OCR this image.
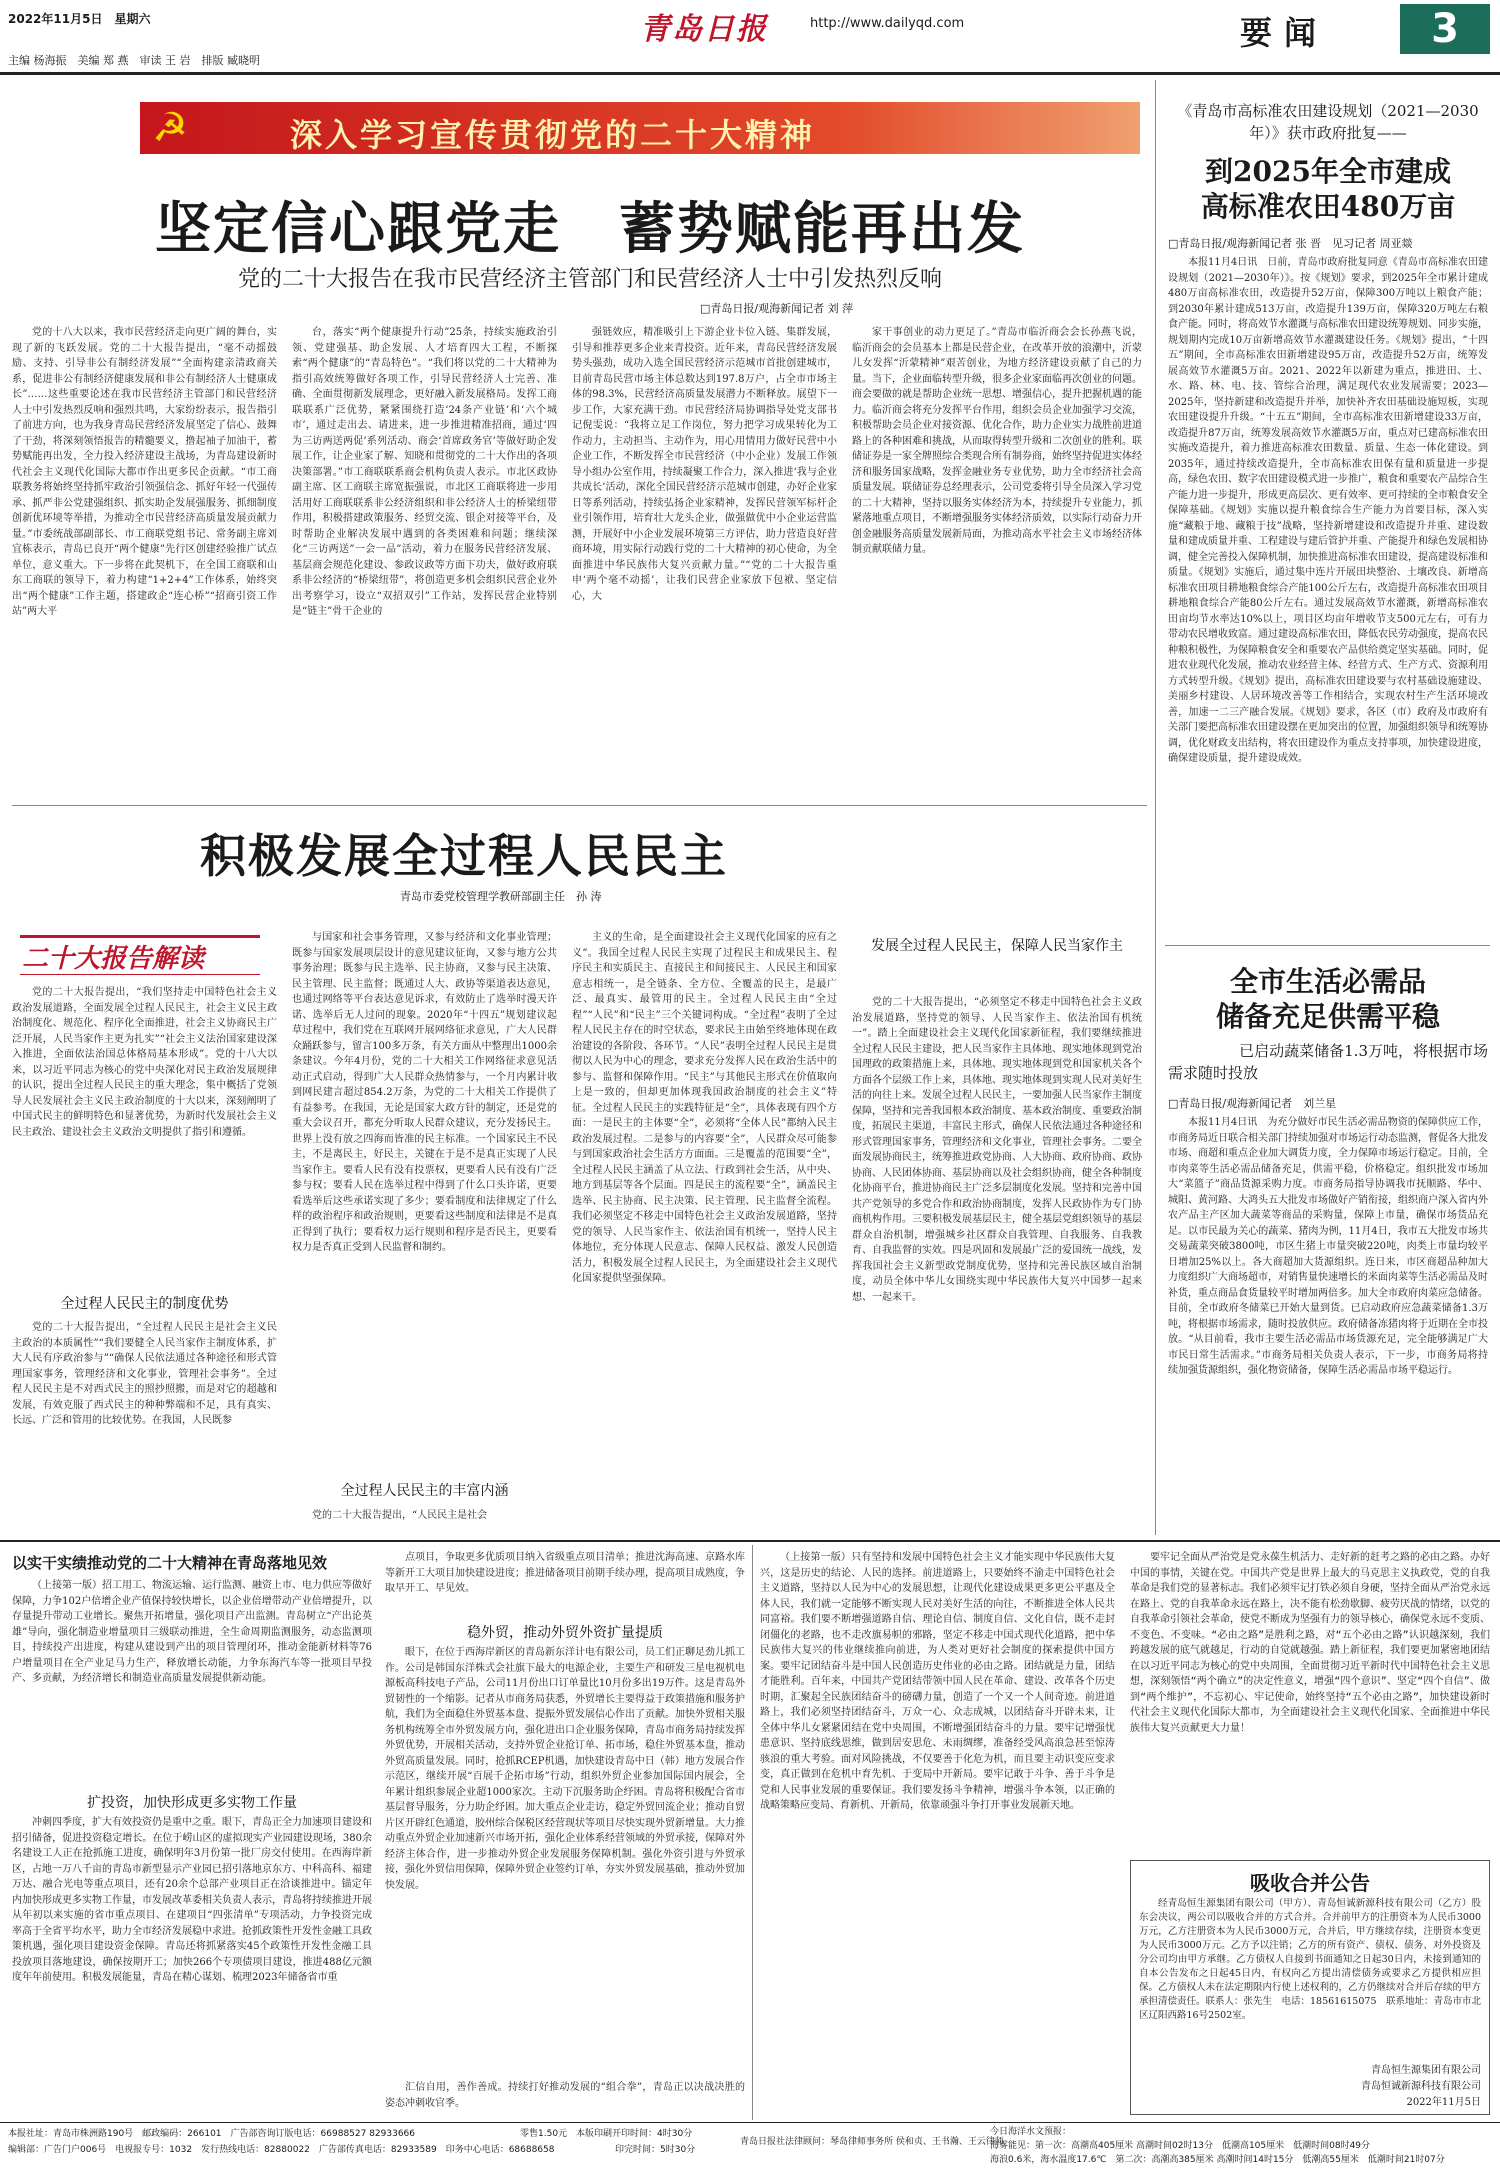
2022年11月5日　星期六
主编 杨海振　美编 郑 燕　审读 王 岩　排版 臧晓明
青岛日报	http://www.dailyqd.com	要闻	3
☭	深入学习宣传贯彻党的二十大精神
坚定信心跟党走　蓄势赋能再出发
党的二十大报告在我市民营经济主管部门和民营经济人士中引发热烈反响
□青岛日报/观海新闻记者 刘 萍
党的十八大以来，我市民营经济走向更广阔的舞台，实现了新的飞跃发展。党的二十大报告提出，“毫不动摇鼓励、支持、引导非公有制经济发展”“全面构建亲清政商关系，促进非公有制经济健康发展和非公有制经济人士健康成长”……这些重要论述在我市民营经济主管部门和民营经济人士中引发热烈反响和强烈共鸣，大家纷纷表示，报告指引了前进方向，也为我身青岛民营经济发展坚定了信心、鼓舞了干劲，将深刻领悟报告的精髓要义，撸起袖子加油干，蓄势赋能再出发，全力投入经济建设主战场，为青岛建设新时代社会主义现代化国际大都市作出更多民企贡献。“市工商联教务将始终坚持抓牢政治引领强信念、抓好年轻一代强传承、抓严非公党建强组织、抓实助企发展强服务、抓细制度创新优环境等举措，为推动全市民营经济高质量发展贡献力量。”市委统战部副部长、市工商联党组书记、常务副主席刘宜栋表示，青岛已良开“两个健康”先行区创建经验推广试点单位，意义重大。下一步将在此契机下，在全国工商联和山东工商联的领导下，着力构建“1+2+4”工作体系，始终突出“两个健康”工作主题，搭建政企“连心桥”“招商引资工作站”两大平
台，落实“两个健康提升行动”25条，持续实施政治引领、党建强基、助企发展、人才培育四大工程，不断探索“两个健康”的“青岛特色”。“我们将以党的二十大精神为指引高效统筹做好各项工作，引导民营经济人士完善、准确、全面贯彻新发展理念，更好融入新发展格局。发挥工商联联系广泛优势，紧紧围绕打造‘24条产业链’和‘六个城市’，通过走出去、请进来，进一步推进精准招商，通过‘四为三访两送两促’系列活动、商会‘首席政务官’等做好助企发展工作，让企业家了解、知晓和贯彻党的二十大作出的各项决策部署。”市工商联联系商会机构负责人表示。市北区政协副主席、区工商联主席宽振强说，市北区工商联将进一步用活用好工商联联系非公经济组织和非公经济人士的桥梁纽带作用，积极搭建政策服务、经贸交流、银企对接等平台，及时帮助企业解决发展中遇到的各类困难和问题；继续深化“三访两送”一会一品”活动，着力在服务民营经济发展、基层商会规范化建设、参政议政等方面下功夫，做好政府联系非公经济的“桥梁纽带”，将创造更多机会组织民营企业外出考察学习，设立“双招双引”工作站，发挥民营企业特别是“链主”骨干企业的
强链效应，精准吸引上下游企业卡位入链、集群发展，引导和推荐更多企业来青投资。近年来，青岛民营经济发展势头强劲，成功入选全国民营经济示范城市首批创建城市，目前青岛民营市场主体总数达到197.8万户，占全市市场主体的98.3%，民营经济高质量发展潜力不断释放。展望下一步工作，大家充满干劲。市民营经济局协调指导处党支部书记倪雯说：“我将立足工作岗位，努力把学习成果转化为工作动力，主动担当、主动作为，用心用情用力做好民营中小企业工作，不断发挥全市民营经济（中小企业）发展工作领导小组办公室作用，持续凝聚工作合力，深入推进‘我与企业共成长’活动，深化全国民营经济示范城市创建，办好企业家日等系列活动，持续弘扬企业家精神，发挥民营领军标杆企业引领作用，培育壮大龙头企业，做强做优中小企业运营监测，开展好中小企业发展环境第三方评估，助力营造良好营商环境，用实际行动践行党的二十大精神的初心使命，为全面推进中华民族伟大复兴贡献力量。”“党的二十大报告重申‘两个毫不动摇’，让我们民营企业家放下包袱、坚定信心，大
家干事创业的动力更足了。”青岛市临沂商会会长孙燕飞说，临沂商会的会员基本上都是民营企业，在改革开放的浪潮中，沂蒙儿女发挥“沂蒙精神”艰苦创业，为地方经济建设贡献了自己的力量。当下，企业面临转型升级，很多企业家面临再次创业的问题。商会要做的就是帮助企业统一思想、增强信心，提升把握机遇的能力。临沂商会将充分发挥平台作用，组织会员企业加强学习交流，积极帮助会员企业对接资源、优化合作，助力企业实力战胜前进道路上的各种困难和挑战，从而取得转型升级和二次创业的胜利。联储证券是一家全牌照综合类现合所有制券商，始终坚持促进实体经济和服务国家战略，发挥金融业务专业优势，助力全市经济社会高质量发展。联储证券总经理表示，公司党委将引导全员深入学习党的二十大精神，坚持以服务实体经济为本，持续提升专业能力，抓紧落地重点项目，不断增强服务实体经济质效，以实际行动奋力开创金融服务高质量发展新局面，为推动高水平社会主义市场经济体制贡献联储力量。
积极发展全过程人民民主
青岛市委党校管理学教研部副主任　孙 涛
二十大报告解读
党的二十大报告提出，“我们坚持走中国特色社会主义政治发展道路，全面发展全过程人民民主，社会主义民主政治制度化、规范化、程序化全面推进，社会主义协商民主广泛开展，人民当家作主更为扎实”“社会主义法治国家建设深入推进，全面依法治国总体格局基本形成”。党的十八大以来，以习近平同志为核心的党中央深化对民主政治发展规律的认识，提出全过程人民民主的重大理念，集中概括了党领导人民发展社会主义民主政治制度的十大以来，深刻阐明了中国式民主的鲜明特色和显著优势，为新时代发展社会主义民主政治、建设社会主义政治文明提供了指引和遵循。
全过程人民民主的制度优势
党的二十大报告提出，“全过程人民民主是社会主义民主政治的本质属性”“我们要健全人民当家作主制度体系，扩大人民有序政治参与”“确保人民依法通过各种途径和形式管理国家事务，管理经济和文化事业，管理社会事务”。全过程人民民主是不对西式民主的照抄照搬，而是对它的超越和发展，有效克服了西式民主的种种弊端和不足，具有真实、长远、广泛和管用的比较优势。在我国，人民既参
与国家和社会事务管理，又参与经济和文化事业管理；既参与国家发展项层设计的意见建议征询，又参与地方公共事务治理；既参与民主选举、民主协商，又参与民主决策、民主管理、民主监督；既通过人大、政协等渠道表达意见，也通过网络等平台表达意见诉求，有效防止了选举时漫天许诺、选举后无人过问的现象。2020年“十四五”规划建议起草过程中，我们党在互联网开展网络征求意见，广大人民群众踊跃参与，留言100多万条，有关方面从中整理出1000余条建议。今年4月份，党的二十大相关工作网络征求意见活动正式启动，得到广大人民群众热情参与，一个月内累计收到网民建言超过854.2万条，为党的二十大相关工作提供了有益参考。在我国，无论是国家大政方针的制定，还是党的重大会议召开，都充分听取人民群众建议，充分发扬民主。世界上没有放之四海而皆准的民主标准。一个国家民主不民主，不是离民主，好民主，关键在于是不是真正实现了人民当家作主。要看人民有没有投票权，更要看人民有没有广泛参与权；要看人民在选举过程中得到了什么口头许诺，更要看选举后这些承诺实现了多少；要看制度和法律规定了什么样的政治程序和政治规则，更要看这些制度和法律是不是真正得到了执行；要看权力运行规则和程序是否民主，更要看权力是否真正受到人民监督和制约。
全过程人民民主的丰富内涵
党的二十大报告提出，“人民民主是社会
主义的生命，是全面建设社会主义现代化国家的应有之义”。我国全过程人民民主实现了过程民主和成果民主、程序民主和实质民主、直接民主和间接民主、人民民主和国家意志相统一，是全链条、全方位、全覆盖的民主，是最广泛、最真实、最管用的民主。全过程人民民主由“全过程”“人民”和“民主”三个关键词构成。“全过程”表明了全过程人民民主存在的时空状态，要求民主由始至终地体现在政治建设的各阶段、各环节。“人民”表明全过程人民民主是贯彻以人民为中心的理念，要求充分发挥人民在政治生活中的参与、监督和保障作用。“民主”与其他民主形式在价值取向上是一致的，但却更加体现我国政治制度的社会主义”特征。全过程人民民主的实践特征是“全”，具体表现有四个方面：一是民主的主体要“全”，必须将“全体人民”都纳入民主政治发展过程。二是参与的内容要“全”，人民群众尽可能参与到国家政治社会生活方方面面。三是覆盖的范围要“全”，全过程人民民主涵盖了从立法、行政到社会生活，从中央、地方到基层等各个层面。四是民主的流程要“全”，涵盖民主选举、民主协商、民主决策、民主管理、民主监督全流程。我们必须坚定不移走中国特色社会主义政治发展道路，坚持党的领导、人民当家作主、依法治国有机统一，坚持人民主体地位，充分体现人民意志、保障人民权益、激发人民创造活力，积极发展全过程人民民主，为全面建设社会主义现代化国家提供坚强保障。
发展全过程人民民主，保障人民当家作主
党的二十大报告提出，“必须坚定不移走中国特色社会主义政治发展道路，坚持党的领导、人民当家作主、依法治国有机统一”。踏上全面建设社会主义现代化国家新征程，我们要继续推进全过程人民民主建设，把人民当家作主具体地、现实地体现到党治国理政的政策措施上来，具体地、现实地体现到党和国家机关各个方面各个层级工作上来，具体地、现实地体现到实现人民对美好生活的向往上来。发展全过程人民民主，一要加强人民当家作主制度保障，坚持和完善我国根本政治制度、基本政治制度、重要政治制度，拓展民主渠道，丰富民主形式，确保人民依法通过各种途径和形式管理国家事务，管理经济和文化事业，管理社会事务。二要全面发展协商民主，统筹推进政党协商、人大协商、政府协商、政协协商、人民团体协商、基层协商以及社会组织协商，健全各种制度化协商平台，推进协商民主广泛多层制度化发展。坚持和完善中国共产党领导的多党合作和政治协商制度，发挥人民政协作为专门协商机构作用。三要积极发展基层民主，健全基层党组织领导的基层群众自治机制，增强城乡社区群众自我管理、自我服务、自我教育、自我监督的实效。四是巩固和发展最广泛的爱国统一战线，发挥我国社会主义新型政党制度优势，坚持和完善民族区域自治制度，动员全体中华儿女围绕实现中华民族伟大复兴中国梦一起来想、一起来干。
《青岛市高标准农田建设规划（2021—2030年）》获市政府批复——
到2025年全市建成
高标准农田480万亩
□青岛日报/观海新闻记者 张 晋　见习记者 周亚燚
本报11月4日讯　日前，青岛市政府批复同意《青岛市高标准农田建设规划（2021—2030年）》。按《规划》要求，到2025年全市累计建成480万亩高标准农田，改造提升52万亩，保障300万吨以上粮食产能；到2030年累计建成513万亩，改造提升139万亩，保障320万吨左右粮食产能。同时，将高效节水灌溉与高标准农田建设统筹规划、同步实施，规划期内完成10万亩新增高效节水灌溉建设任务。《规划》提出，“十四五”期间，全市高标准农田新增建设95万亩，改造提升52万亩，统筹发展高效节水灌溉5万亩。2021、2022年以新建为重点，推进田、土、水、路、林、电、技、管综合治理，满足现代农业发展需要；2023—2025年，坚持新建和改造提升并举，加快补齐农田基础设施短板，实现农田建设提升升级。“十五五”期间，全市高标准农田新增建设33万亩，改造提升87万亩，统筹发展高效节水灌溉5万亩，重点对已建高标准农田实施改造提升，着力推进高标准农田数量、质量、生态一体化建设。到2035年，通过持续改造提升，全市高标准农田保有量和质量进一步提高，绿色农田、数字农田建设模式进一步推广，粮食和重要农产品综合生产能力进一步提升，形成更高层次、更有效率、更可持续的全市粮食安全保障基础。《规划》实施以提升粮食综合生产能力为首要目标，深入实施“藏粮于地、藏粮于技”战略，坚持新增建设和改造提升并重、建设数量和建成质量并重、工程建设与建后管护并重、产能提升和绿色发展相协调，健全完善投入保障机制，加快推进高标准农田建设，提高建设标准和质量。《规划》实施后，通过集中连片开展田块整治、土壤改良、新增高标准农田项目耕地粮食综合产能100公斤左右，改造提升高标准农田项目耕地粮食综合产能80公斤左右。通过发展高效节水灌溉，新增高标准农田亩均节水率达10%以上，项目区均亩年增收节支500元左右，可有力带动农民增收致富。通过建设高标准农田，降低农民劳动强度，提高农民种粮积极性，为保障粮食安全和重要农产品供给奠定坚实基础。同时，促进农业现代化发展，推动农业经营主体、经营方式、生产方式、资源利用方式转型升级。《规划》提出，高标准农田建设要与农村基础设施建设、美丽乡村建设、人居环境改善等工作相结合，实现农村生产生活环境改善，加速一二三产融合发展。《规划》要求，各区（市）政府及市政府有关部门要把高标准农田建设摆在更加突出的位置，加强组织领导和统筹协调，优化财政支出结构，将农田建设作为重点支持事项，加快建设进度，确保建设质量，提升建设成效。
全市生活必需品
储备充足供需平稳
已启动蔬菜储备1.3万吨，将根据市场
需求随时投放
□青岛日报/观海新闻记者　刘兰星
本报11月4日讯　为充分做好市民生活必需品物资的保障供应工作，市商务局近日联合相关部门持续加强对市场运行动态监测，督促各大批发市场、商超和重点企业加大调货力度，全力保障市场运行稳定。目前，全市肉菜等生活必需品储备充足，供需平稳，价格稳定。组织批发市场加大“菜篮子”商品货源采购力度。市商务局指导协调我市抚顺路、华中、城阳、黄河路、大鸿头五大批发市场做好产销衔接，组织商户深入省内外农产品主产区加大蔬菜等商品的采购量，保障上市量，确保市场货品充足。以市民最为关心的蔬菜、猪肉为例，11月4日，我市五大批发市场共交易蔬菜突破3800吨，市区生猪上市量突破220吨，肉类上市量均较平日增加25%以上。各大商超加大货源组织。连日来，市区商超品种加大力度组织广大商场超市，对销售量快速增长的米面肉菜等生活必需品及时补货，重点商品食货量较平时增加两倍多。加大全市政府肉菜应急储备。目前，全市政府冬储菜已开始大量到货。已启动政府应急蔬菜储备1.3万吨，将根据市场需求，随时投放供应。政府储备冻猪肉将于近期在全市投放。“从目前看，我市主要生活必需品市场货源充足，完全能够满足广大市民日常生活需求。”市商务局相关负责人表示，下一步，市商务局将持续加强货源组织，强化物资储备，保障生活必需品市场平稳运行。
以实干实绩推动党的二十大精神在青岛落地见效
（上接第一版）招工用工、物流运输、运行监测、融资上市、电力供应等做好保障，力争102户倍增企业产值保持较快增长，以企业倍增带动产业倍增提升，以存量提升带动工业增长。聚焦开拓增量，强化项目产出监测。青岛树立“产出论英雄”导向，强化制造业增量项目三级联动推进，全生命周期监测服务，动态监测项目，持续投产出进度，构建从建设到产出的项目管理闭环，推动金能新材料等76户增量项目在全产业足马力生产，释放增长动能，力争东海汽车等一批项目早投产、多贡献，为经济增长和制造业高质量发展提供新动能。
扩投资，加快形成更多实物工作量
冲刺四季度，扩大有效投资仍是重中之重。眼下，青岛正全力加速项目建设和招引储备，促进投资稳定增长。在位于崂山区的虚拟现实产业园建设现场，380余名建设工人正在抢抓施工进度，确保明年3月份第一批厂房交付使用。在西海岸新区，占地一万八千亩的青岛市新型显示产业园已招引落地京东方、中科高科、福建万达、融合光电等重点项目，还有20余个总部产业项目正在洽谈推进中。锚定年内加快形成更多实物工作量，市发展改革委相关负责人表示，青岛将持续推进开展从年初以来实施的省市重点项目、在建项目“四张清单”专项活动，力争投资完成率高于全省平均水平，助力全市经济发展稳中求进。抢抓政策性开发性金融工具政策机遇，强化项目建设资金保障。青岛还将抓紧落实45个政策性开发性金融工具投放项目落地建设，确保按期开工；加快266个专项债项目建设，推进488亿元额度年年前使用。积极发展能量，青岛在精心谋划、梳理2023年储备省市重
点项目，争取更多优质项目纳入省级重点项目清单；推进沈海高速、京路水库等新开工大项目加快建设进度；推进储备项目前期手续办理，提高项目成熟度，争取早开工、早见效。
稳外贸，推动外贸外资扩量提质
眼下，在位于西海岸新区的青岛新东洋计电有限公司，员工们正聊足劲儿抓工作。公司是韩国东洋株式会社旗下最大的电源企业，主要生产和研发三星电视机电源板高科技电子产品，公司11月份出口订单量比10月份多出19万件。这是青岛外贸韧性的一个缩影。记者从市商务局获悉，外贸增长主要得益于政策措施和服务护航，我们为全面稳住外贸基本盘、提振外贸发展信心作出了贡献。加快外贸相关服务机构统筹全市外贸发展方向，强化进出口企业服务保障，青岛市商务局持续发挥外贸优势，开展相关活动，支持外贸企业抢订单、拓市场，稳住外贸基本盘，推动外贸高质量发展。同时，抢抓RCEP机遇，加快建设青岛中日（韩）地方发展合作示范区，继续开展“百展千企拓市场”行动，组织外贸企业参加国际国内展会，全年累计组织参展企业超1000家次。主动下沉服务助企纾困。青岛将积极配合省市基层督导服务，分力助企纾困。加大重点企业走访，稳定外贸回流企业；推动自贸片区开辟红色通道，胶州综合保税区经营现状等项目尽快实现外贸新增量。大力推动重点外贸企业加速新兴市场开拓，强化企业体系经营领域的外贸承接，保障对外经济主体合作，进一步推动外贸企业发展服务保障机制。强化外资引进与外贸承接，强化外贸信用保障，保障外贸企业签约订单，夯实外贸发展基础，推动外贸加快发展。
汇信自用，善作善成。持续打好推动发展的“组合拳”，青岛正以决战决胜的姿态冲刺收官季。
（上接第一版）只有坚持和发展中国特色社会主义才能实现中华民族伟大复兴，这是历史的结论、人民的选择。前进道路上，只要始终不渝走中国特色社会主义道路，坚持以人民为中心的发展思想，让现代化建设成果更多更公平惠及全体人民，我们就一定能够不断实现人民对美好生活的向往，不断推进全体人民共同富裕。我们要不断增强道路自信、理论自信、制度自信、文化自信，既不走封闭僵化的老路，也不走改旗易帜的邪路，坚定不移走中国式现代化道路，把中华民族伟大复兴的伟业继续推向前进，为人类对更好社会制度的探索提供中国方案。要牢记团结奋斗是中国人民创造历史伟业的必由之路。团结就是力量，团结才能胜利。百年来，中国共产党团结带领中国人民在革命、建设、改革各个历史时期，汇聚起全民族团结奋斗的磅礴力量，创造了一个又一个人间奇迹。前进道路上，我们必须坚持团结奋斗，万众一心、众志成城，以团结奋斗开辟未来，让全体中华儿女紧紧团结在党中央周围，不断增强团结奋斗的力量。要牢记增强忧患意识、坚持底线思维，做到居安思危、未雨绸缪，准备经受风高浪急甚至惊涛骇浪的重大考验。面对风险挑战，不仅要善于化危为机，而且要主动识变应变求变，真正做到在危机中育先机、于变局中开新局。要牢记敢于斗争、善于斗争是党和人民事业发展的重要保证。我们要发扬斗争精神，增强斗争本领，以正确的战略策略应变局、育新机、开新局，依靠顽强斗争打开事业发展新天地。
要牢记全面从严治党是党永葆生机活力、走好新的赶考之路的必由之路。办好中国的事情，关键在党。中国共产党是世界上最大的马克思主义执政党，党的自我革命是我们党的显著标志。我们必须牢记打铁必须自身硬，坚持全面从严治党永远在路上、党的自我革命永远在路上，决不能有松劲歇脚、疲劳厌战的情绪，以党的自我革命引领社会革命，使党不断成为坚强有力的领导核心，确保党永远不变质、不变色、不变味。“必由之路”是胜利之路，对“五个必由之路”认识越深刻，我们跨越发展的底气就越足，行动的自觉就越强。踏上新征程，我们要更加紧密地团结在以习近平同志为核心的党中央周围，全面贯彻习近平新时代中国特色社会主义思想，深刻领悟“两个确立”的决定性意义，增强“四个意识”、坚定“四个自信”、做到“两个维护”，不忘初心、牢记使命，始终坚持“五个必由之路”，加快建设新时代社会主义现代化国际大都市，为全面建设社会主义现代化国家、全面推进中华民族伟大复兴贡献更大力量！
吸收合并公告
经青岛恒生源集团有限公司（甲方）、青岛恒诚新源科技有限公司（乙方）股东会决议，两公司以吸收合并的方式合并。合并前甲方的注册资本为人民币3000万元，乙方注册资本为人民币3000万元，合并后，甲方继续存续，注册资本变更为人民币3000万元。乙方予以注销；乙方的所有资产、债权、债务、对外投资及分公司均由甲方承继。乙方债权人自接到书面通知之日起30日内，未接到通知的自本公告发布之日起45日内，有权向乙方提出清偿债务或要求乙方提供相应担保。乙方债权人未在法定期限内行使上述权利的，乙方仍继续对合并后存续的甲方承担清偿责任。联系人：张先生　电话：18561615075　联系地址：青岛市市北区辽阳西路16号2502室。
青岛恒生源集团有限公司
青岛恒诚新源科技有限公司
2022年11月5日
本报社址：青岛市株洲路190号　邮政编码：266101　广告部咨询订版电话：66988527 82933666	零售1.50元　本版印刷开印时间：4时30分
编辑部：广告门户006号　电视报专号：1032　发行热线电话：82880022　广告部传真电话：82933589　印务中心电话：68688658	印完时间：5时30分
青岛日报社法律顾问：琴岛律师事务所 侯和贞、王书瀚、王云律师
今日海洋水文预报：
海雾能见：第一次：高潮高405厘米 高潮时间02时13分　低潮高105厘米　低潮时间08时49分
海浪0.6米，海水温度17.6℃　第二次：高潮高385厘米 高潮时间14时15分　低潮高55厘米　低潮时间21时07分
